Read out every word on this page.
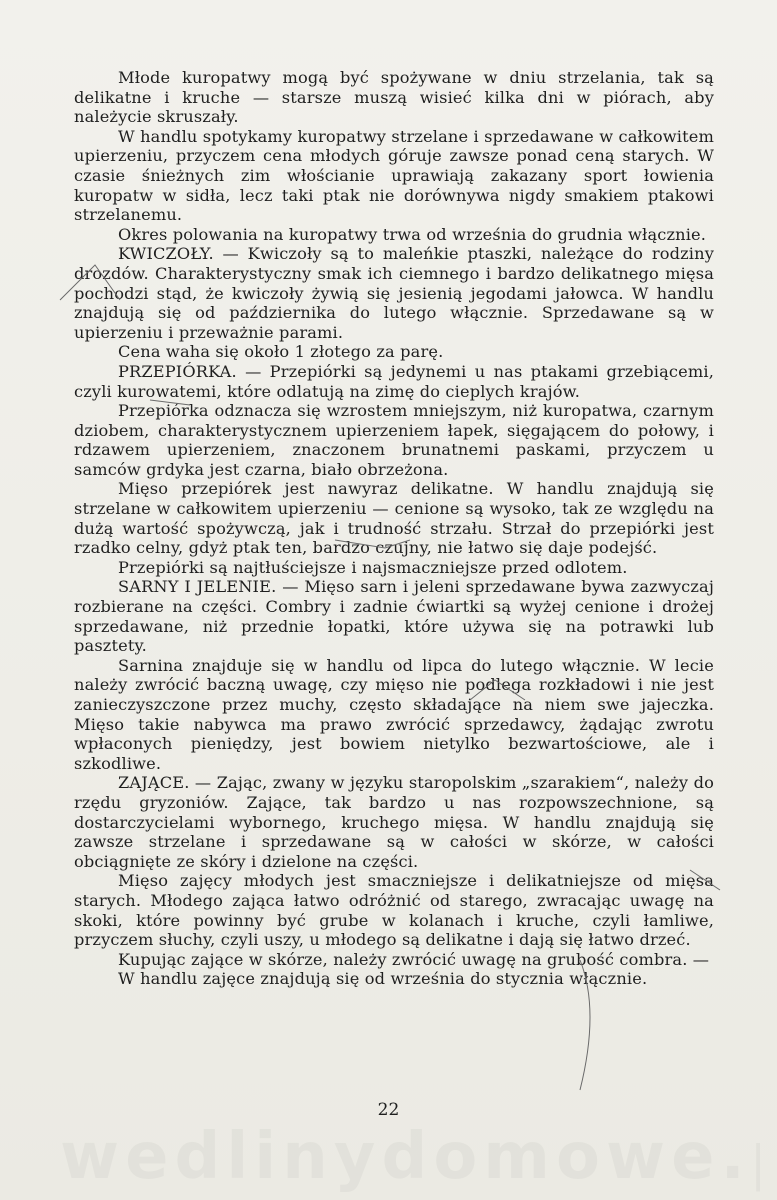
Młode kuropatwy mogą być spożywane w dniu strzelania, tak są delikatne i kruche — starsze muszą wisieć kilka dni w piórach, aby należycie skruszały.

W handlu spotykamy kuropatwy strzelane i sprzedawane w całkowitem upierzeniu, przyczem cena młodych góruje zawsze ponad ceną starych. W czasie śnieżnych zim włościanie uprawiają zakazany sport łowienia kuropatw w sidła, lecz taki ptak nie dorównywa nigdy smakiem ptakowi strzelanemu.

Okres polowania na kuropatwy trwa od września do grudnia włącznie.

KWICZOŁY. — Kwiczoły są to maleńkie ptaszki, należące do rodziny drozdów. Charakterystyczny smak ich ciemnego i bardzo delikatnego mięsa pochodzi stąd, że kwiczoły żywią się jesienią jegodami jałowca. W handlu znajdują się od października do lutego włącznie. Sprzedawane są w upierzeniu i przeważnie parami.

Cena waha się około 1 złotego za parę.

PRZEPIÓRKA. — Przepiórki są jedynemi u nas ptakami grzebiącemi, czyli kurowatemi, które odlatują na zimę do cieplych krajów.

Przepiórka odznacza się wzrostem mniejszym, niż kuropatwa, czarnym dziobem, charakterystycznem upierzeniem łapek, sięgającem do połowy, i rdzawem upierzeniem, znaczonem brunatnemi paskami, przyczem u samców grdyka jest czarna, biało obrzeżona.

Mięso przepiórek jest nawyraz delikatne. W handlu znajdują się strzelane w całkowitem upierzeniu — cenione są wysoko, tak ze względu na dużą wartość spożywczą, jak i trudność strzału. Strzał do przepiórki jest rzadko celny, gdyż ptak ten, bardzo czujny, nie łatwo się daje podejść.

Przepiórki są najtłuściejsze i najsmaczniejsze przed odlotem.

SARNY I JELENIE. — Mięso sarn i jeleni sprzedawane bywa zazwyczaj rozbierane na części. Combry i zadnie ćwiartki są wyżej cenione i drożej sprzedawane, niż przednie łopatki, które używa się na potrawki lub pasztety.

Sarnina znajduje się w handlu od lipca do lutego włącznie. W lecie należy zwrócić baczną uwagę, czy mięso nie podlega rozkładowi i nie jest zanieczyszczone przez muchy, często składające na niem swe jajeczka. Mięso takie nabywca ma prawo zwrócić sprzedawcy, żądając zwrotu wpłaconych pieniędzy, jest bowiem nietylko bezwartościowe, ale i szkodliwe.

ZAJĄCE. — Zając, zwany w języku staropolskim „szarakiem“, należy do rzędu gryzoniów. Zające, tak bardzo u nas rozpowszechnione, są dostarczycielami wybornego, kruchego mięsa. W handlu znajdują się zawsze strzelane i sprzedawane są w całości w skórze, w całości obciągnięte ze skóry i dzielone na części.

Mięso zajęcy młodych jest smaczniejsze i delikatniejsze od mięsa starych. Młodego zająca łatwo odróżnić od starego, zwracając uwagę na skoki, które powinny być grube w kolanach i kruche, czyli łamliwe, przyczem słuchy, czyli uszy, u młodego są delikatne i dają się łatwo drzeć.

Kupując zające w skórze, należy zwrócić uwagę na grubość combra. —

W handlu zajęce znajdują się od września do stycznia włącznie.

22
